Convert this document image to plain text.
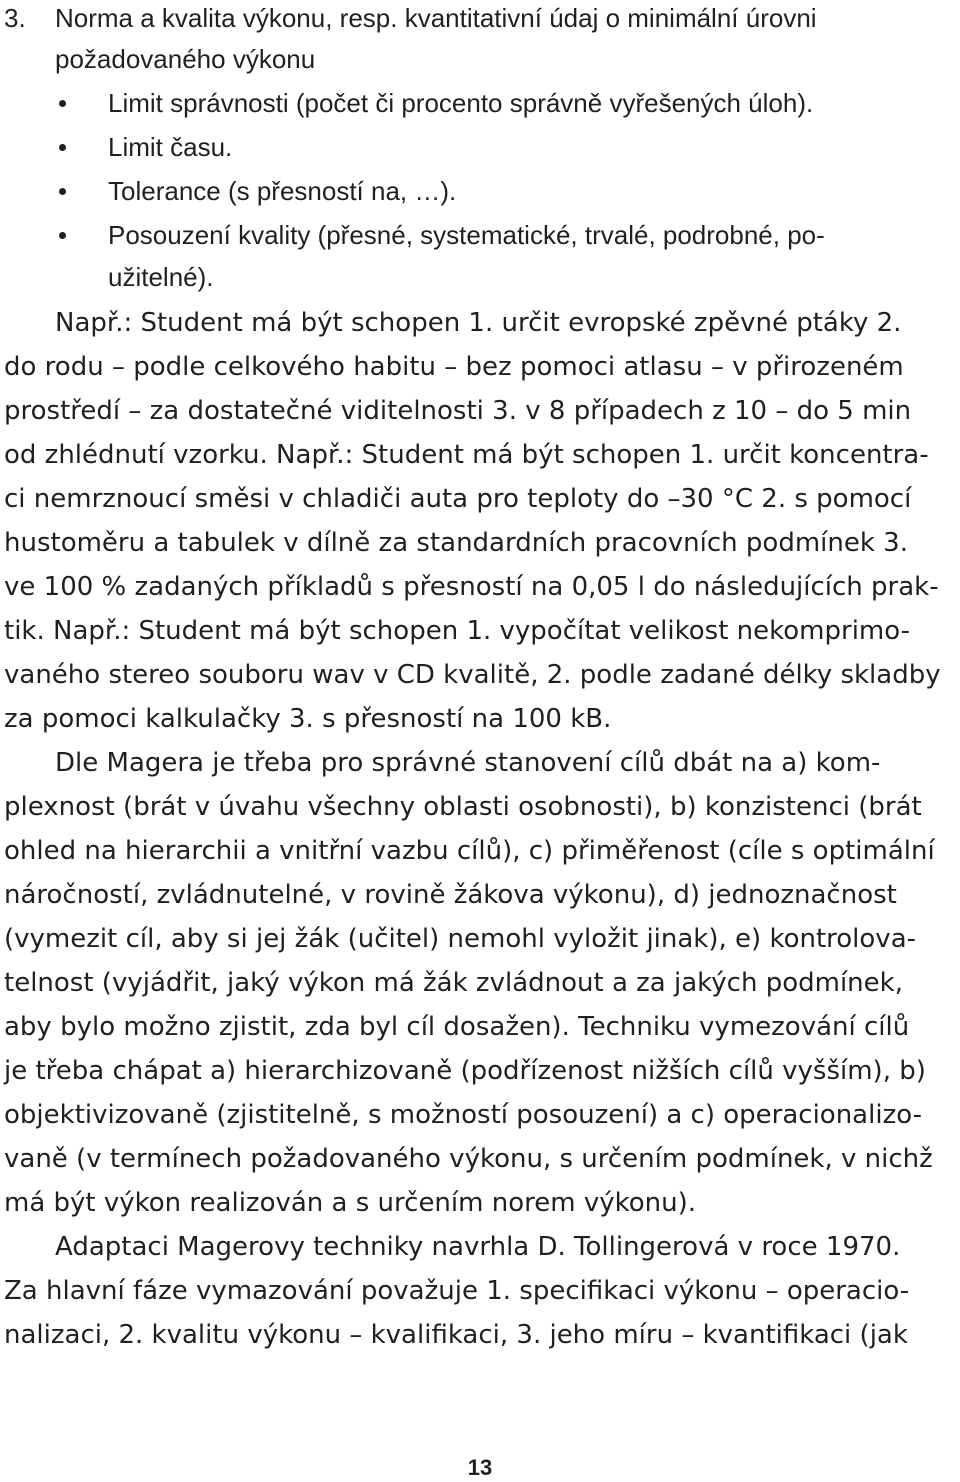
3. Norma a kvalita výkonu, resp. kvantitativní údaj o minimální úrovni

požadovaného výkonu

Limit správnosti (počet či procento správně vyřešených úloh).

Limit času.

Tolerance (s přesností na, …).

Posouzení kvality (přesné, systematické, trvalé, podrobné, po-

užitelné).

Např.: Student má být schopen 1. určit evropské zpěvné ptáky 2.

do rodu – podle celkového habitu – bez pomoci atlasu – v přirozeném

prostředí – za dostatečné viditelnosti 3. v 8 případech z 10 – do 5 min

od zhlédnutí vzorku. Např.: Student má být schopen 1. určit koncentra-

ci nemrznoucí směsi v chladiči auta pro teploty do –30 °C 2. s pomocí

hustoměru a tabulek v dílně za standardních pracovních podmínek 3.

ve 100 % zadaných příkladů s přesností na 0,05 l do následujících prak-

tik. Např.: Student má být schopen 1. vypočítat velikost nekomprimo-

vaného stereo souboru wav v CD kvalitě, 2. podle zadané délky skladby

za pomoci kalkulačky 3. s přesností na 100 kB.

Dle Magera je třeba pro správné stanovení cílů dbát na a) kom-

plexnost (brát v úvahu všechny oblasti osobnosti), b) konzistenci (brát

ohled na hierarchii a vnitřní vazbu cílů), c) přiměřenost (cíle s optimální

náročností, zvládnutelné, v rovině žákova výkonu), d) jednoznačnost

(vymezit cíl, aby si jej žák (učitel) nemohl vyložit jinak), e) kontrolova-

telnost (vyjádřit, jaký výkon má žák zvládnout a za jakých podmínek,

aby bylo možno zjistit, zda byl cíl dosažen). Techniku vymezování cílů

je třeba chápat a) hierarchizovaně (podřízenost nižších cílů vyšším), b)

objektivizovaně (zjistitelně, s možností posouzení) a c) operacionalizo-

vaně (v termínech požadovaného výkonu, s určením podmínek, v nichž

má být výkon realizován a s určením norem výkonu).

Adaptaci Magerovy techniky navrhla D. Tollingerová v roce 1970.

Za hlavní fáze vymazování považuje 1. specifikaci výkonu – operacio-

nalizaci, 2. kvalitu výkonu – kvalifikaci, 3. jeho míru – kvantifikaci (jak

13
